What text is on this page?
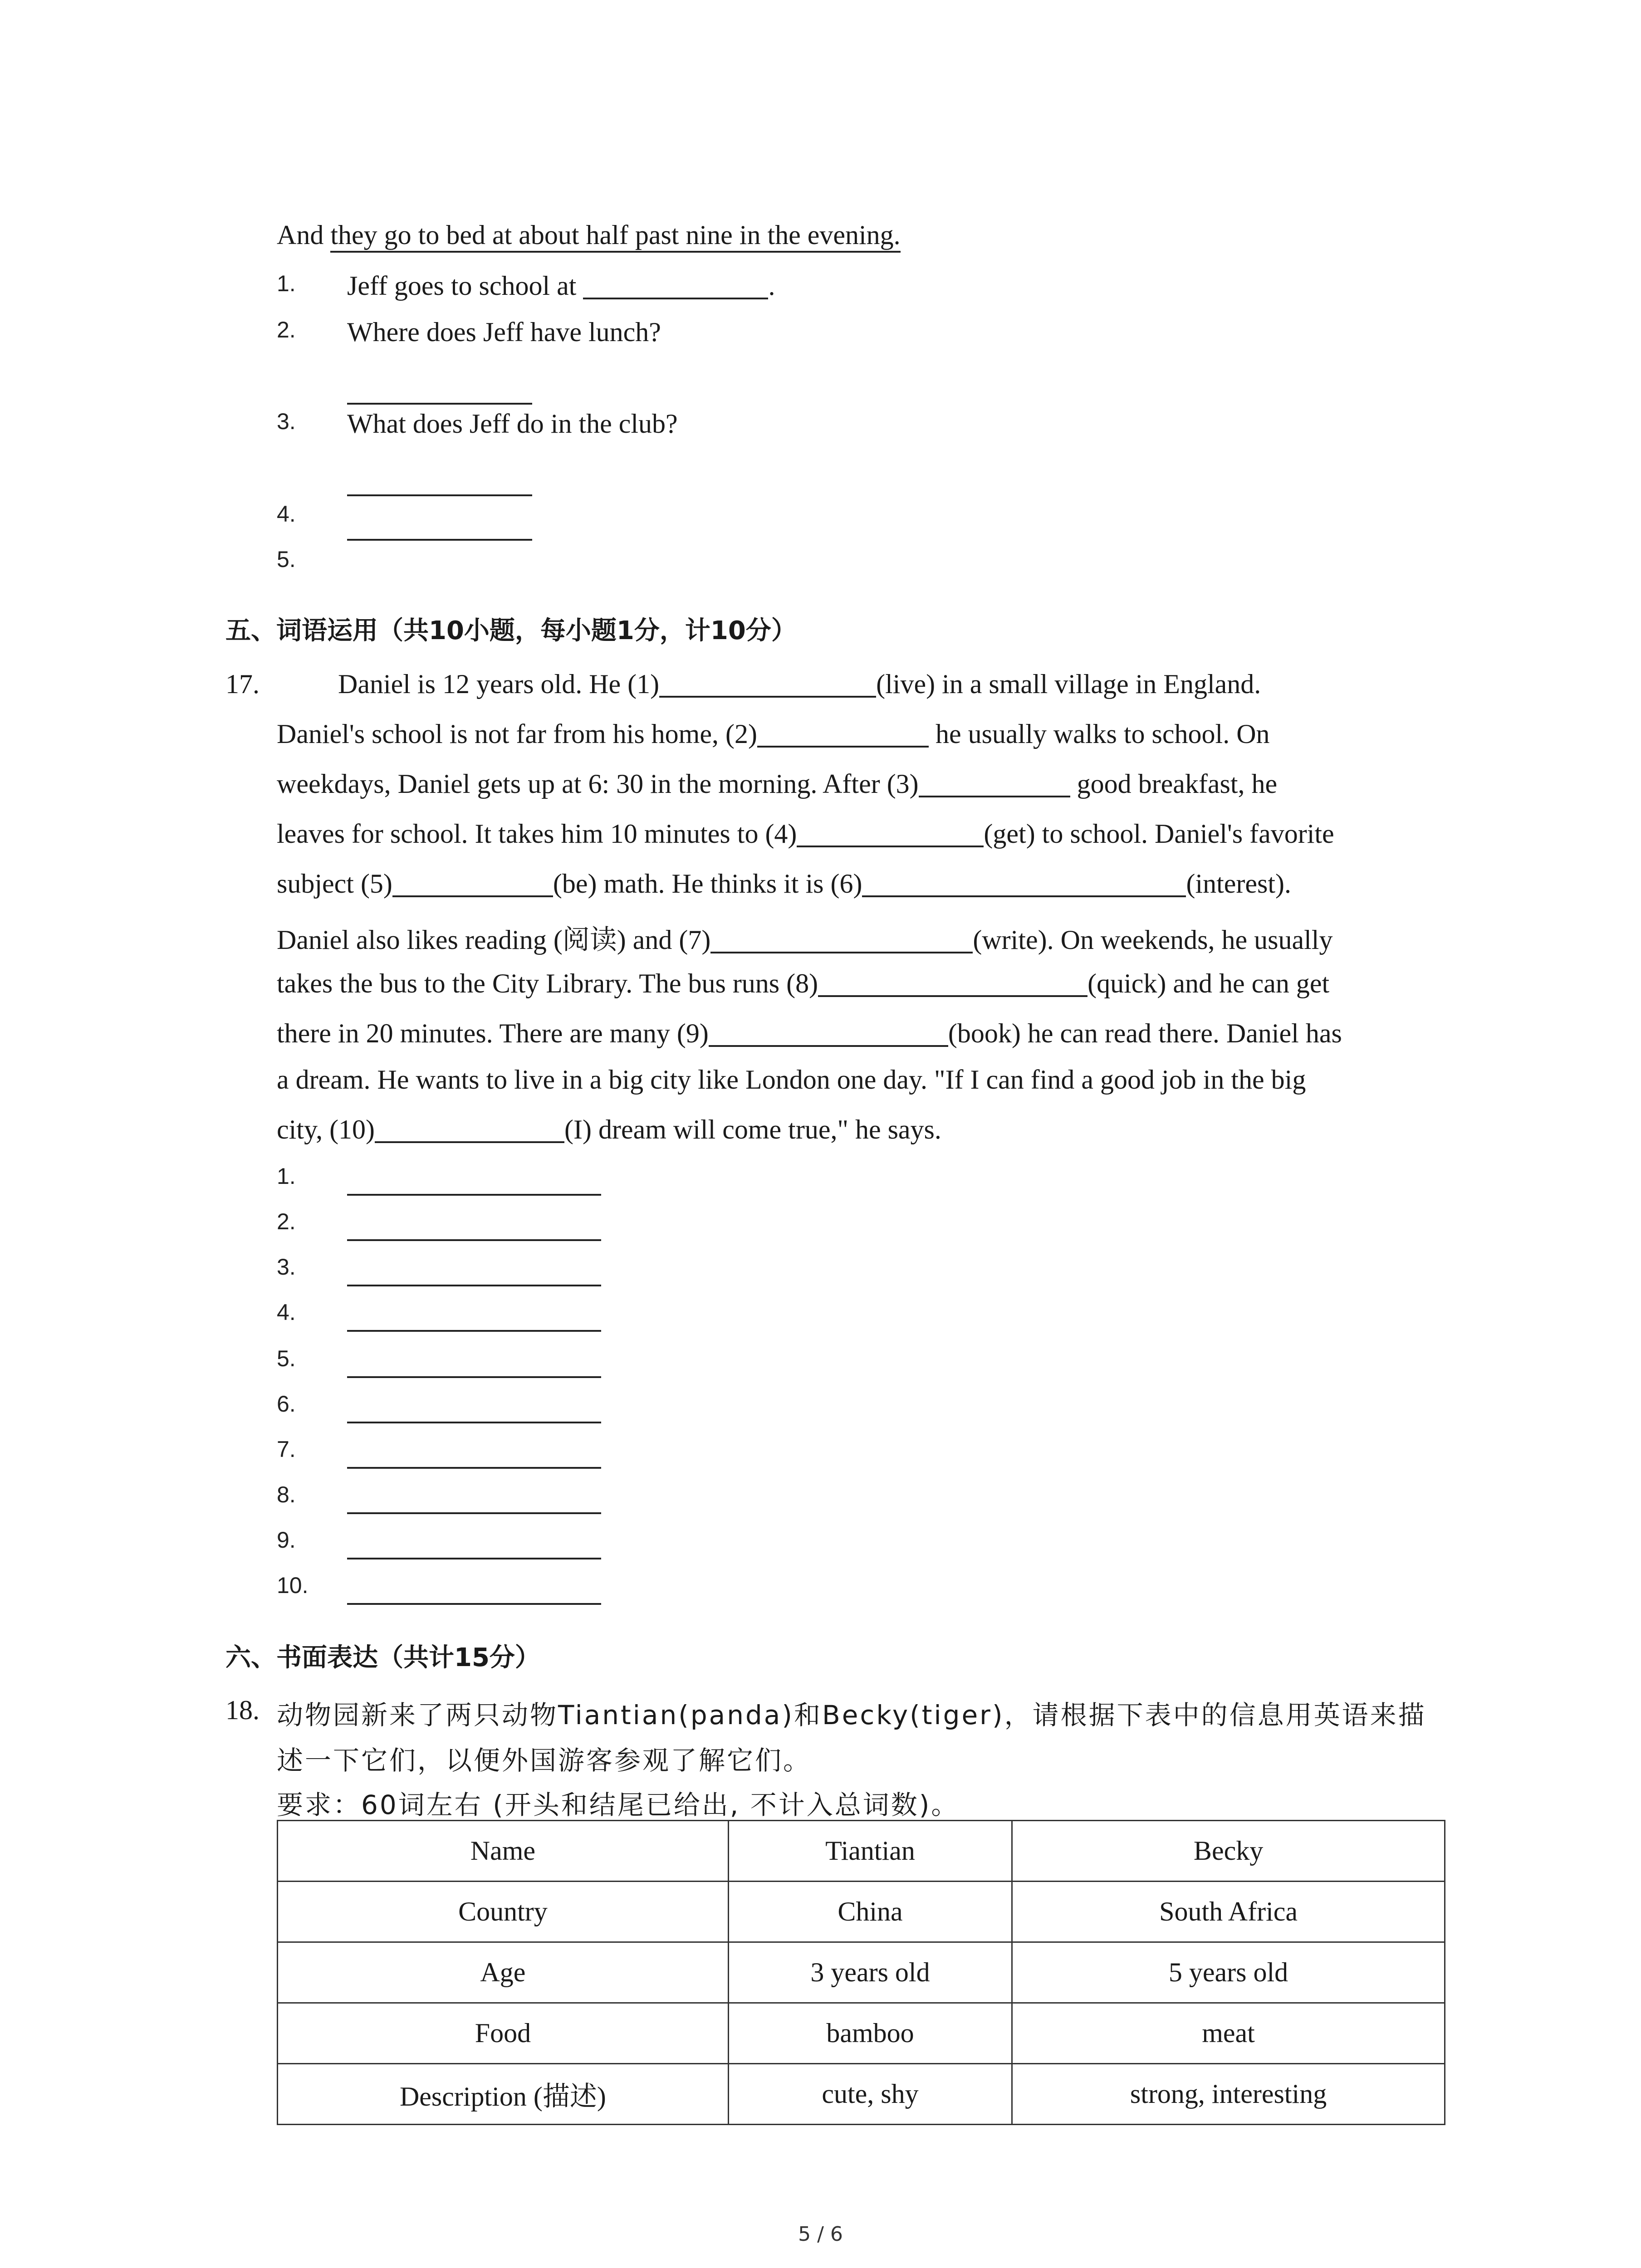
And they go to bed at about half past nine in the evening.
1. Jeff goes to school at	.
2. Where does Jeff have lunch?
3. What does Jeff do in the club?
4.
5.
五、词语运用（共10小题，每小题1分，计10分）
17.	Daniel is 12 years old. He (1)	(live) in a small village in England.
Daniel's school is not far from his home, (2)	he usually walks to school. On
weekdays, Daniel gets up at 6: 30 in the morning. After (3)	good breakfast, he
leaves for school. It takes him 10 minutes to (4)	(get) to school. Daniel's favorite
subject (5)	(be) math. He thinks it is (6)	(interest).
Daniel also likes reading (阅读) and (7)	(write). On weekends, he usually
takes the bus to the City Library. The bus runs (8)	(quick) and he can get
there in 20 minutes. There are many (9)	(book) he can read there. Daniel has
a dream. He wants to live in a big city like London one day. "If I can find a good job in the big
city, (10)	(I) dream will come true," he says.
1.
2.
3.
4.
5.
6.
7.
8.
9.
10.
六、书面表达（共计15分）
18. 动物园新来了两只动物Tiantian(panda)和Becky(tiger)，请根据下表中的信息用英语来描
述一下它们，以便外国游客参观了解它们。
要求：60词左右 (开头和结尾已给出, 不计入总词数)。
Name	Tiantian	Becky
Country	China	South Africa
Age	3 years old	5 years old
Food	bamboo	meat
Description (描述)	cute, shy	strong, interesting
5 / 6
